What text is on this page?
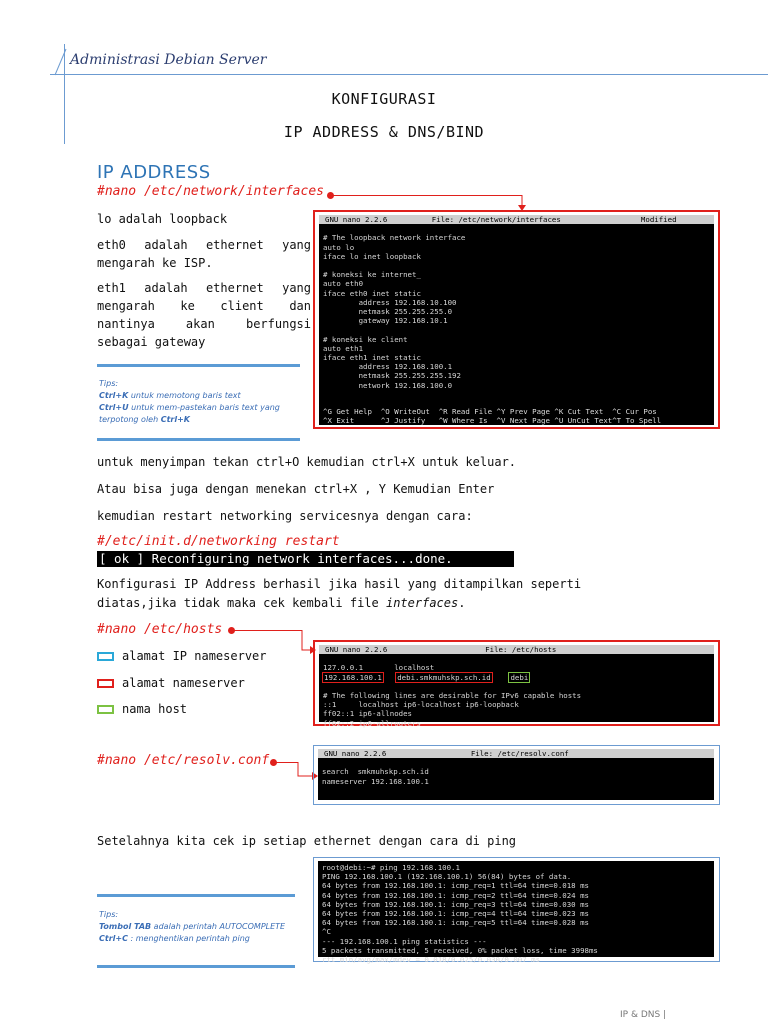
Administrasi Debian Server
KONFIGURASI
IP ADDRESS & DNS/BIND
IP ADDRESS
#nano /etc/network/interfaces
lo adalah loopback
eth0 adalah ethernet yang mengarah ke ISP.
eth1 adalah ethernet yang mengarah ke client dan nantinya akan berfungsi sebagai gateway
Tips:
Ctrl+K untuk memotong baris text
Ctrl+U untuk mem-pastekan baris text yang terpotong oleh Ctrl+K
GNU nano 2.2.6          File: /etc/network/interfaces                  Modified

# The loopback network interface
auto lo
iface lo inet loopback

# koneksi ke internet_
auto eth0
iface eth0 inet static
address 192.168.10.100
netmask 255.255.255.0
gateway 192.168.10.1

# koneksi ke client
auto eth1
iface eth1 inet static
address 192.168.100.1
netmask 255.255.255.192
network 192.168.100.0
^G Get Help  ^O WriteOut  ^R Read File ^Y Prev Page ^K Cut Text  ^C Cur Pos
^X Exit      ^J Justify   ^W Where Is  ^V Next Page ^U UnCut Text^T To Spell
untuk menyimpan tekan ctrl+O kemudian ctrl+X untuk keluar.
Atau bisa juga dengan menekan ctrl+X , Y Kemudian Enter
kemudian restart networking servicesnya dengan cara:
#/etc/init.d/networking restart
[ ok ] Reconfiguring network interfaces...done.
Konfigurasi IP Address berhasil jika hasil yang ditampilkan seperti
diatas,jika tidak maka cek kembali file interfaces.
#nano /etc/hosts
alamat IP nameserver
alamat nameserver
nama host
GNU nano 2.2.6                      File: /etc/hosts

127.0.0.1       localhost
192.168.100.1 debi.smkmuhskp.sch.id	debi

# The following lines are desirable for IPv6 capable hosts
::1     localhost ip6-localhost ip6-loopback
ff02::1 ip6-allnodes
ff02::2 ip6-allrouters
#nano /etc/resolv.conf	GNU nano 2.2.6                   File: /etc/resolv.conf

search  smkmuhskp.sch.id
nameserver 192.168.100.1
Setelahnya kita cek ip setiap ethernet dengan cara di ping
Tips:
Tombol TAB adalah perintah AUTOCOMPLETE
Ctrl+C : menghentikan perintah ping
root@debi:~# ping 192.168.100.1
PING 192.168.100.1 (192.168.100.1) 56(84) bytes of data.
64 bytes from 192.168.100.1: icmp_req=1 ttl=64 time=0.018 ms
64 bytes from 192.168.100.1: icmp_req=2 ttl=64 time=0.024 ms
64 bytes from 192.168.100.1: icmp_req=3 ttl=64 time=0.030 ms
64 bytes from 192.168.100.1: icmp_req=4 ttl=64 time=0.023 ms
64 bytes from 192.168.100.1: icmp_req=5 ttl=64 time=0.028 ms
^C
--- 192.168.100.1 ping statistics ---
5 packets transmitted, 5 received, 0% packet loss, time 3998ms
rtt min/avg/max/mdev = 0.018/0.025/0.030/0.007 ms
IP & DNS |
